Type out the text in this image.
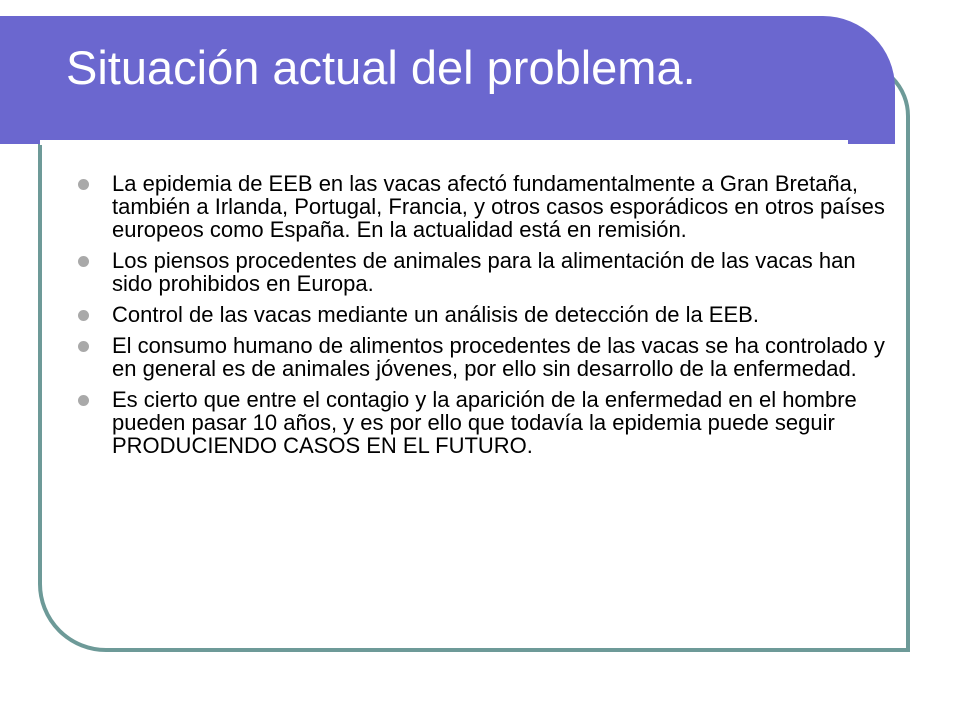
Situación actual del problema.
La epidemia de EEB en las vacas afectó fundamentalmente a Gran Bretaña, también a Irlanda, Portugal, Francia, y otros casos esporádicos en otros países europeos como España. En la actualidad está en remisión.
Los piensos procedentes de animales para la alimentación de las vacas han sido prohibidos en Europa.
Control de las vacas mediante un análisis de detección de la EEB.
El consumo humano de alimentos procedentes de las vacas se ha controlado y en general es de animales jóvenes, por ello sin desarrollo de la enfermedad.
Es cierto que entre el contagio y la aparición de la enfermedad en el hombre pueden pasar 10 años, y es por ello que todavía la epidemia puede seguir PRODUCIENDO CASOS EN EL FUTURO.
